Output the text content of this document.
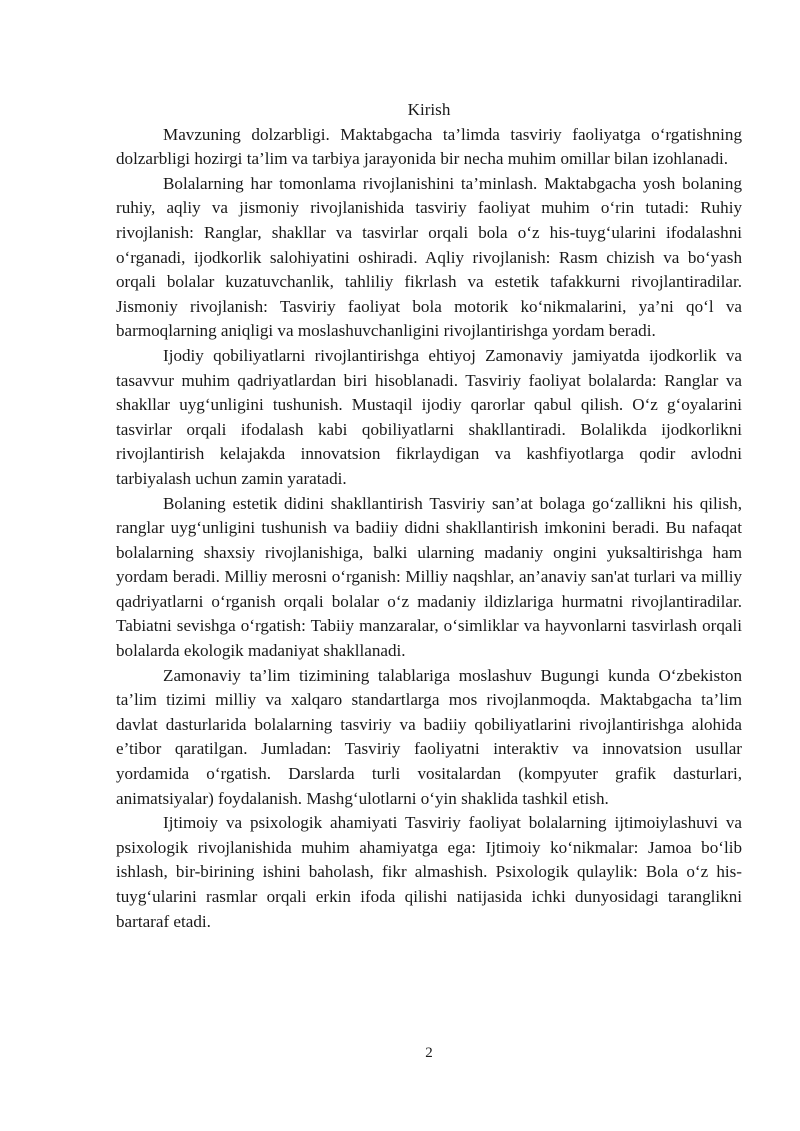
Kirish

Mavzuning dolzarbligi. Maktabgacha ta’limda tasviriy faoliyatga o‘rgatishning dolzarbligi hozirgi ta’lim va tarbiya jarayonida bir necha muhim omillar bilan izohlanadi.

Bolalarning har tomonlama rivojlanishini ta’minlash. Maktabgacha yosh bolaning ruhiy, aqliy va jismoniy rivojlanishida tasviriy faoliyat muhim o‘rin tutadi: Ruhiy rivojlanish: Ranglar, shakllar va tasvirlar orqali bola o‘z his-tuyg‘ularini ifodalashni o‘rganadi, ijodkorlik salohiyatini oshiradi. Aqliy rivojlanish: Rasm chizish va bo‘yash orqali bolalar kuzatuvchanlik, tahliliy fikrlash va estetik tafakkurni rivojlantiradilar. Jismoniy rivojlanish: Tasviriy faoliyat bola motorik ko‘nikmalarini, ya’ni qo‘l va barmoqlarning aniqligi va moslashuvchanligini rivojlantirishga yordam beradi.

Ijodiy qobiliyatlarni rivojlantirishga ehtiyoj Zamonaviy jamiyatda ijodkorlik va tasavvur muhim qadriyatlardan biri hisoblanadi. Tasviriy faoliyat bolalarda: Ranglar va shakllar uyg‘unligini tushunish. Mustaqil ijodiy qarorlar qabul qilish. O‘z g‘oyalarini tasvirlar orqali ifodalash kabi qobiliyatlarni shakllantiradi. Bolalikda ijodkorlikni rivojlantirish kelajakda innovatsion fikrlaydigan va kashfiyotlarga qodir avlodni tarbiyalash uchun zamin yaratadi.

Bolaning estetik didini shakllantirish Tasviriy san’at bolaga go‘zallikni his qilish, ranglar uyg‘unligini tushunish va badiiy didni shakllantirish imkonini beradi. Bu nafaqat bolalarning shaxsiy rivojlanishiga, balki ularning madaniy ongini yuksaltirishga ham yordam beradi. Milliy merosni o‘rganish: Milliy naqshlar, an’anaviy san'at turlari va milliy qadriyatlarni o‘rganish orqali bolalar o‘z madaniy ildizlariga hurmatni rivojlantiradilar. Tabiatni sevishga o‘rgatish: Tabiiy manzaralar, o‘simliklar va hayvonlarni tasvirlash orqali bolalarda ekologik madaniyat shakllanadi.

Zamonaviy ta’lim tizimining talablariga moslashuv Bugungi kunda O‘zbekiston ta’lim tizimi milliy va xalqaro standartlarga mos rivojlanmoqda. Maktabgacha ta’lim davlat dasturlarida bolalarning tasviriy va badiiy qobiliyatlarini rivojlantirishga alohida e’tibor qaratilgan. Jumladan: Tasviriy faoliyatni interaktiv va innovatsion usullar yordamida o‘rgatish. Darslarda turli vositalardan (kompyuter grafik dasturlari, animatsiyalar) foydalanish. Mashg‘ulotlarni o‘yin shaklida tashkil etish.

Ijtimoiy va psixologik ahamiyati Tasviriy faoliyat bolalarning ijtimoiylashuvi va psixologik rivojlanishida muhim ahamiyatga ega: Ijtimoiy ko‘nikmalar: Jamoa bo‘lib ishlash, bir-birining ishini baholash, fikr almashish. Psixologik qulaylik: Bola o‘z his-tuyg‘ularini rasmlar orqali erkin ifoda qilishi natijasida ichki dunyosidagi taranglikni bartaraf etadi.

2
